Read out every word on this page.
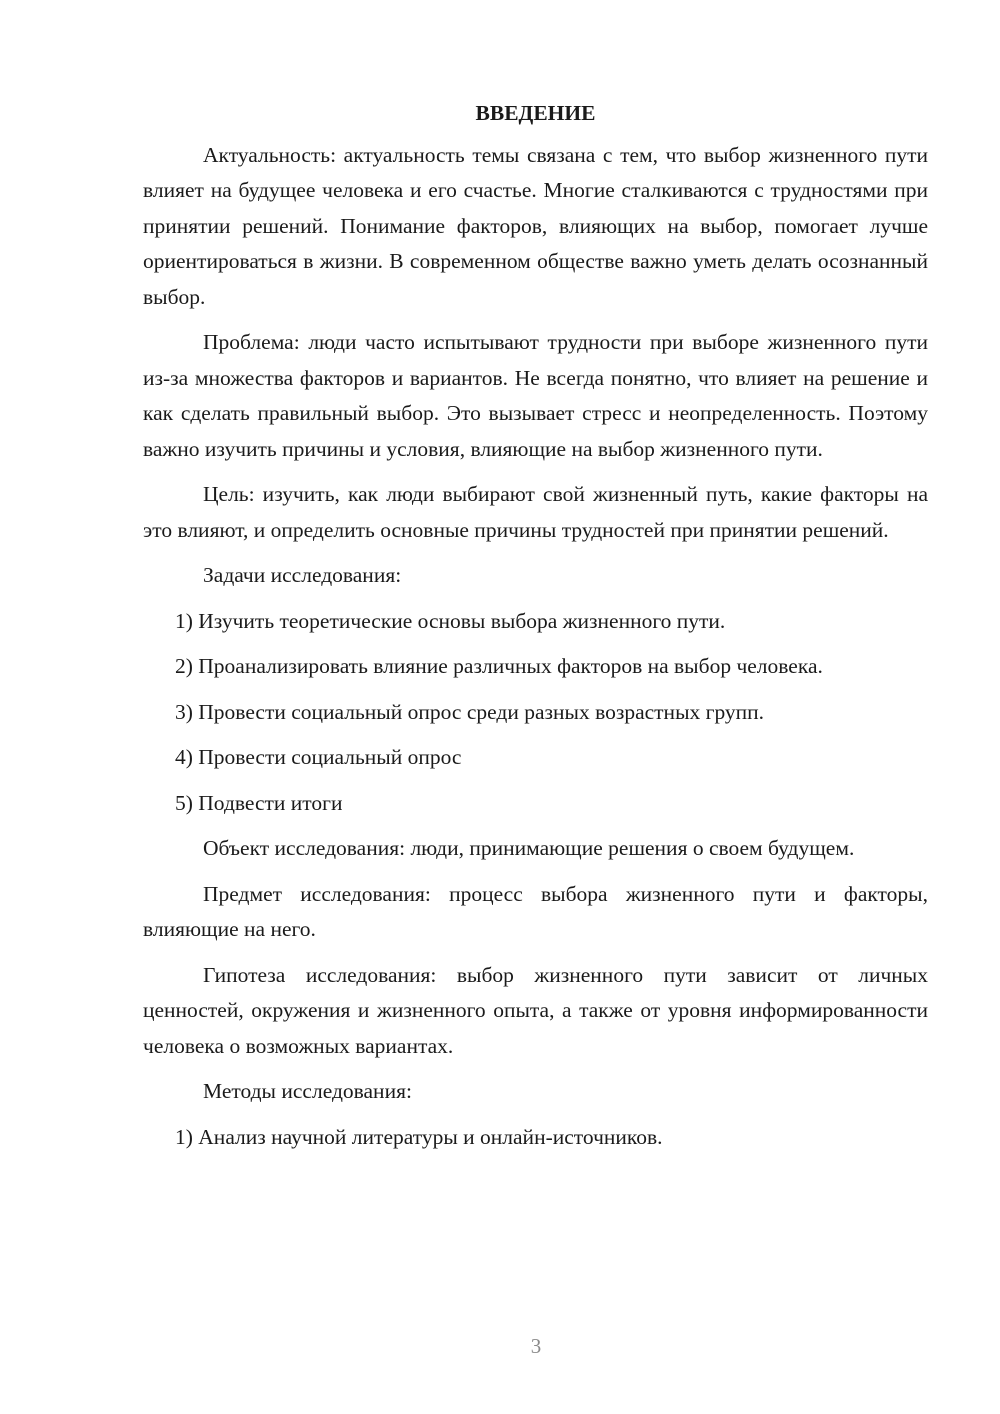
ВВЕДЕНИЕ

Актуальность: актуальность темы связана с тем, что выбор жизненного пути влияет на будущее человека и его счастье. Многие сталкиваются с трудностями при принятии решений. Понимание факторов, влияющих на выбор, помогает лучше ориентироваться в жизни. В современном обществе важно уметь делать осознанный выбор.

Проблема: люди часто испытывают трудности при выборе жизненного пути из-за множества факторов и вариантов. Не всегда понятно, что влияет на решение и как сделать правильный выбор. Это вызывает стресс и неопределенность. Поэтому важно изучить причины и условия, влияющие на выбор жизненного пути.

Цель: изучить, как люди выбирают свой жизненный путь, какие факторы на это влияют, и определить основные причины трудностей при принятии решений.

Задачи исследования:

1) Изучить теоретические основы выбора жизненного пути.

2) Проанализировать влияние различных факторов на выбор человека.

3) Провести социальный опрос среди разных возрастных групп.

4) Провести социальный опрос

5) Подвести итоги

Объект исследования: люди, принимающие решения о своем будущем.

Предмет исследования: процесс выбора жизненного пути и факторы, влияющие на него.

Гипотеза исследования: выбор жизненного пути зависит от личных ценностей, окружения и жизненного опыта, а также от уровня информированности человека о возможных вариантах.

Методы исследования:

1) Анализ научной литературы и онлайн-источников.

3
